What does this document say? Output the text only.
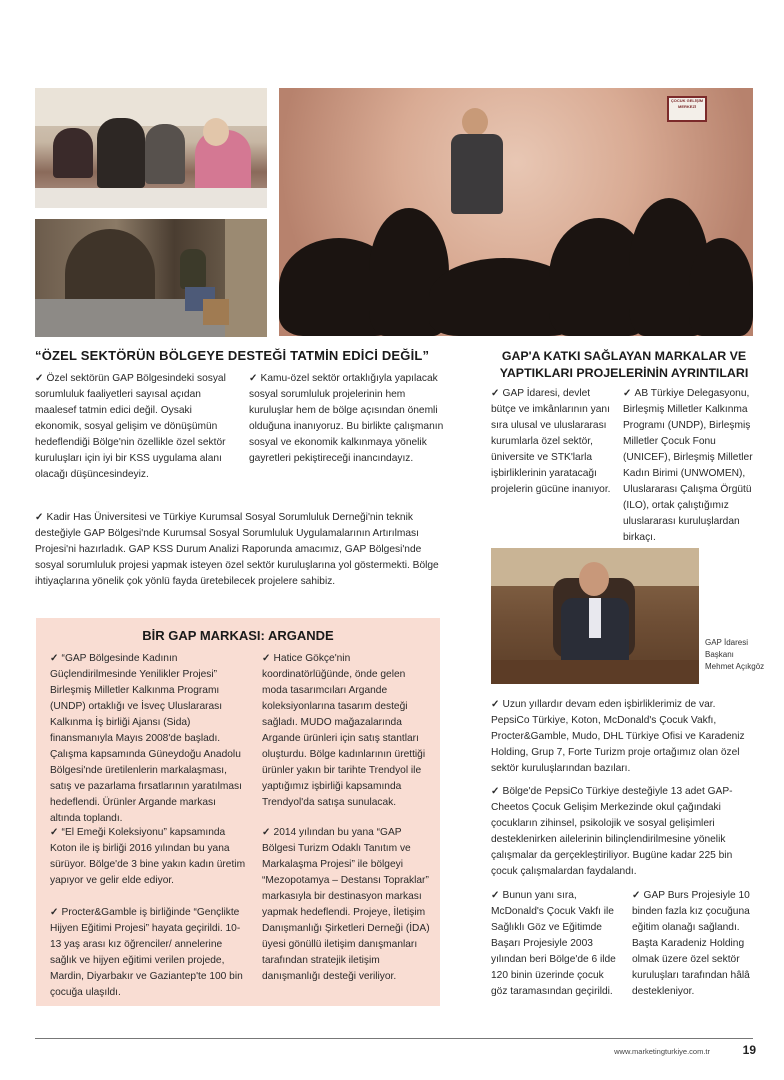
ÇOCUK GELİŞİM MERKEZİ
“ÖZEL SEKTÖRÜN BÖLGEYE DESTEĞİ TATMİN EDİCİ DEĞİL”

✓ Özel sektörün GAP Bölgesindeki sosyal sorumluluk faaliyetleri sayısal açıdan maalesef tatmin edici değil. Oysaki ekonomik, sosyal gelişim ve dönüşümün hedeflendiği Bölge'nin özellikle özel sektör kuruluşları için iyi bir KSS uygulama alanı olacağı düşüncesindeyiz.

✓ Kamu-özel sektör ortaklığıyla yapılacak sosyal sorumluluk projelerinin hem kuruluşlar hem de bölge açısından önemli olduğuna inanıyoruz. Bu birlikte çalışmanın sosyal ve ekonomik kalkınmaya yönelik gayretleri pekiştireceği inancındayız.

✓ Kadir Has Üniversitesi ve Türkiye Kurumsal Sosyal Sorumluluk Derneği'nin teknik desteğiyle GAP Bölgesi'nde Kurumsal Sosyal Sorumluluk Uygulamalarının Artırılması Projesi'ni hazırladık. GAP KSS Durum Analizi Raporunda amacımız, GAP Bölgesi'nde sosyal sorumluluk projesi yapmak isteyen özel sektör kuruluşlarına yol göstermekti. Bölge ihtiyaçlarına yönelik çok yönlü fayda üretebilecek projelere sahibiz.

BİR GAP MARKASI: ARGANDE

✓ “GAP Bölgesinde Kadının Güçlendirilmesinde Yenilikler Projesi” Birleşmiş Milletler Kalkınma Programı (UNDP) ortaklığı ve İsveç Uluslararası Kalkınma İş birliği Ajansı (Sida) finansmanıyla Mayıs 2008'de başladı. Çalışma kapsamında Güneydoğu Anadolu Bölgesi'nde üretilenlerin markalaşması, satış ve pazarlama fırsatlarının yaratılması hedeflendi. Ürünler Argande markası altında toplandı.

✓ “El Emeği Koleksiyonu” kapsamında Koton ile iş birliği 2016 yılından bu yana sürüyor. Bölge'de 3 bine yakın kadın üretim yapıyor ve gelir elde ediyor.

✓ Procter&Gamble iş birliğinde “Gençlikte Hijyen Eğitimi Projesi” hayata geçirildi. 10-13 yaş arası kız öğrenciler/ annelerine sağlık ve hijyen eğitimi verilen projede, Mardin, Diyarbakır ve Gaziantep'te 100 bin çocuğa ulaşıldı.

✓ Hatice Gökçe'nin koordinatörlüğünde, önde gelen moda tasarımcıları Argande koleksiyonlarına tasarım desteği sağladı. MUDO mağazalarında Argande ürünleri için satış stantları oluşturdu. Bölge kadınlarının ürettiği ürünler yakın bir tarihte Trendyol ile yaptığımız işbirliği kapsamında Trendyol'da satışa sunulacak.

✓ 2014 yılından bu yana “GAP Bölgesi Turizm Odaklı Tanıtım ve Markalaşma Projesi” ile bölgeyi “Mezopotamya – Destansı Topraklar” markasıyla bir destinasyon markası yapmak hedeflendi. Projeye, İletişim Danışmanlığı Şirketleri Derneği (İDA) üyesi gönüllü iletişim danışmanları tarafından stratejik iletişim danışmanlığı desteği veriliyor.

GAP'A KATKI SAĞLAYAN MARKALAR VE
YAPTIKLARI PROJELERİNİN AYRINTILARI

✓ GAP İdaresi, devlet bütçe ve imkânlarının yanı sıra ulusal ve uluslararası kurumlarla özel sektör, üniversite ve STK'larla işbirliklerinin yaratacağı projelerin gücüne inanıyor.

✓ AB Türkiye Delegasyonu, Birleşmiş Milletler Kalkınma Programı (UNDP), Birleşmiş Milletler Çocuk Fonu (UNICEF), Birleşmiş Milletler Kadın Birimi (UNWOMEN), Uluslararası Çalışma Örgütü (ILO), ortak çalıştığımız uluslararası kuruluşlardan birkaçı.

GAP İdaresi Başkanı Mehmet Açıkgöz

✓ Uzun yıllardır devam eden işbirliklerimiz de var. PepsiCo Türkiye, Koton, McDonald's Çocuk Vakfı, Procter&Gamble, Mudo, DHL Türkiye Ofisi ve Karadeniz Holding, Grup 7, Forte Turizm proje ortağımız olan özel sektör kuruluşlarından bazıları.

✓ Bölge'de PepsiCo Türkiye desteğiyle 13 adet GAP-Cheetos Çocuk Gelişim Merkezinde okul çağındaki çocukların zihinsel, psikolojik ve sosyal gelişimleri desteklenirken ailelerinin bilinçlendirilmesine yönelik çalışmalar da gerçekleştiriliyor. Bugüne kadar 225 bin çocuk çalışmalardan faydalandı.

✓ Bunun yanı sıra, McDonald's Çocuk Vakfı ile Sağlıklı Göz ve Eğitimde Başarı Projesiyle 2003 yılından beri Bölge'de 6 ilde 120 binin üzerinde çocuk göz taramasından geçirildi.

✓ GAP Burs Projesiyle 10 binden fazla kız çocuğuna eğitim olanağı sağlandı. Başta Karadeniz Holding olmak üzere özel sektör kuruluşları tarafından hâlâ destekleniyor.

www.marketingturkiye.com.tr	19
